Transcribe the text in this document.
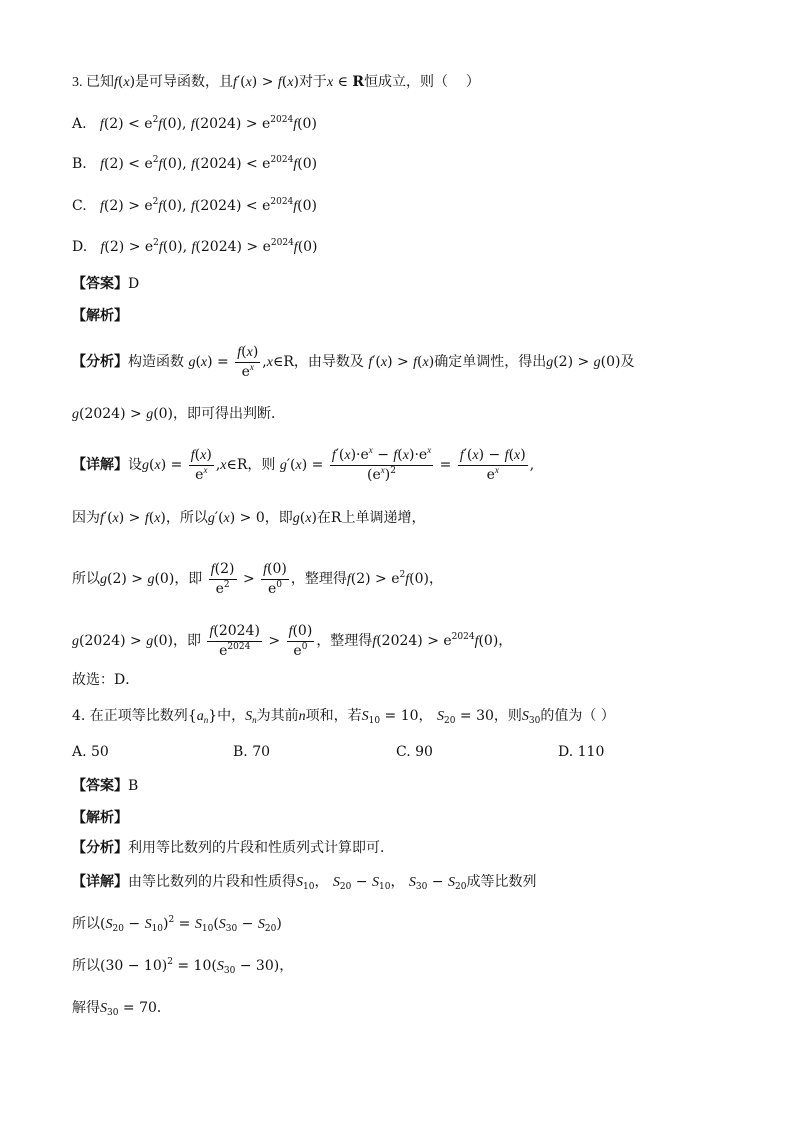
3. 已知f(x)是可导函数，且f′(x) > f(x)对于x ∈ R恒成立，则（ ）
A.   $f(2) < e^2f(0)$, $f(2024) > e^{2024}f(0)$
B.   $f(2) < e^2f(0)$, $f(2024) < e^{2024}f(0)$
C.   $f(2) > e^2f(0)$, $f(2024) < e^{2024}f(0)$
D.   $f(2) > e^2f(0)$, $f(2024) > e^{2024}f(0)$
【答案】D
【解析】
【分析】构造函数 $g(x) = \frac{f(x)}{e^x}$ ,x∈R，由导数及 f′(x) > f(x)确定单调性，得出g(2) > g(0)及
g(2024) > g(0)，即可得出判断．
【详解】设$g(x) = \frac{f(x)}{e^x}$ ,x∈R，则 $g'(x) = \frac{f'(x)\cdot e^x - f(x)\cdot e^x}{(e^x)^2} = \frac{f'(x) - f(x)}{e^x}$ ,
因为f′(x) > f(x)，所以g′(x) > 0，即g(x)在R上单调递增，
所以g(2) > g(0)，即 $\frac{f(2)}{e^2} > \frac{f(0)}{e^0}$ ，整理得$f(2) > e^2f(0)$，
g(2024) > g(0)，即 $\frac{f(2024)}{e^{2024}} > \frac{f(0)}{e^0}$ ，整理得$f(2024) > e^{2024}f(0)$，
故选：D．
4. 在正项等比数列$\{a_n\}$中，$S_n$为其前n项和，若$S_{10} = 10$， $S_{20} = 30$，则$S_{30}$的值为（ ）
A. 50	B. 70	C. 90	D. 110
【答案】B
【解析】
【分析】利用等比数列的片段和性质列式计算即可．
【详解】由等比数列的片段和性质得$S_{10}$， $S_{20} - S_{10}$， $S_{30} - S_{20}$成等比数列
所以$(S_{20} - S_{10})^2 = S_{10}(S_{30} - S_{20})$
所以$(30 - 10)^2 = 10(S_{30} - 30)$，
解得$S_{30} = 70$．
